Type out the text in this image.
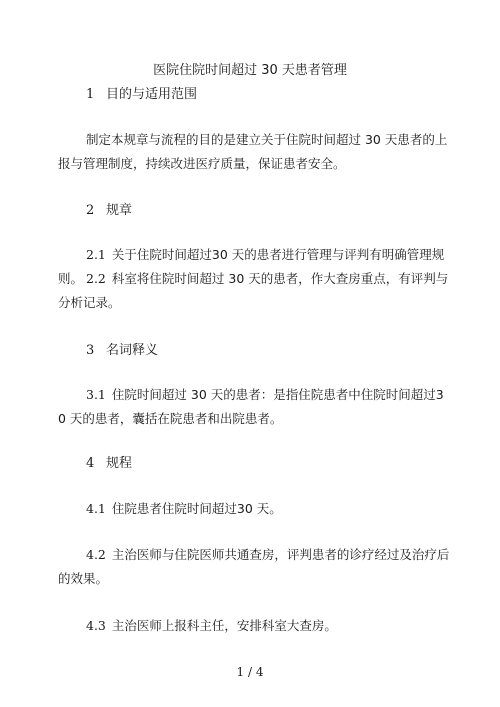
医院住院时间超过 30 天患者管理
1 目的与适用范围
制定本规章与流程的目的是建立关于住院时间超过 30 天患者的上报与管理制度，持续改进医疗质量，保证患者安全。
2 规章
2.1 关于住院时间超过30 天的患者进行管理与评判有明确管理规则。 2.2 科室将住院时间超过 30 天的患者，作大查房重点，有评判与分析记录。
3 名词释义
3.1 住院时间超过 30 天的患者：是指住院患者中住院时间超过30 天的患者，囊括在院患者和出院患者。
4 规程
4.1 住院患者住院时间超过30 天。
4.2 主治医师与住院医师共通查房，评判患者的诊疗经过及治疗后的效果。
4.3 主治医师上报科主任，安排科室大查房。
1 / 4
